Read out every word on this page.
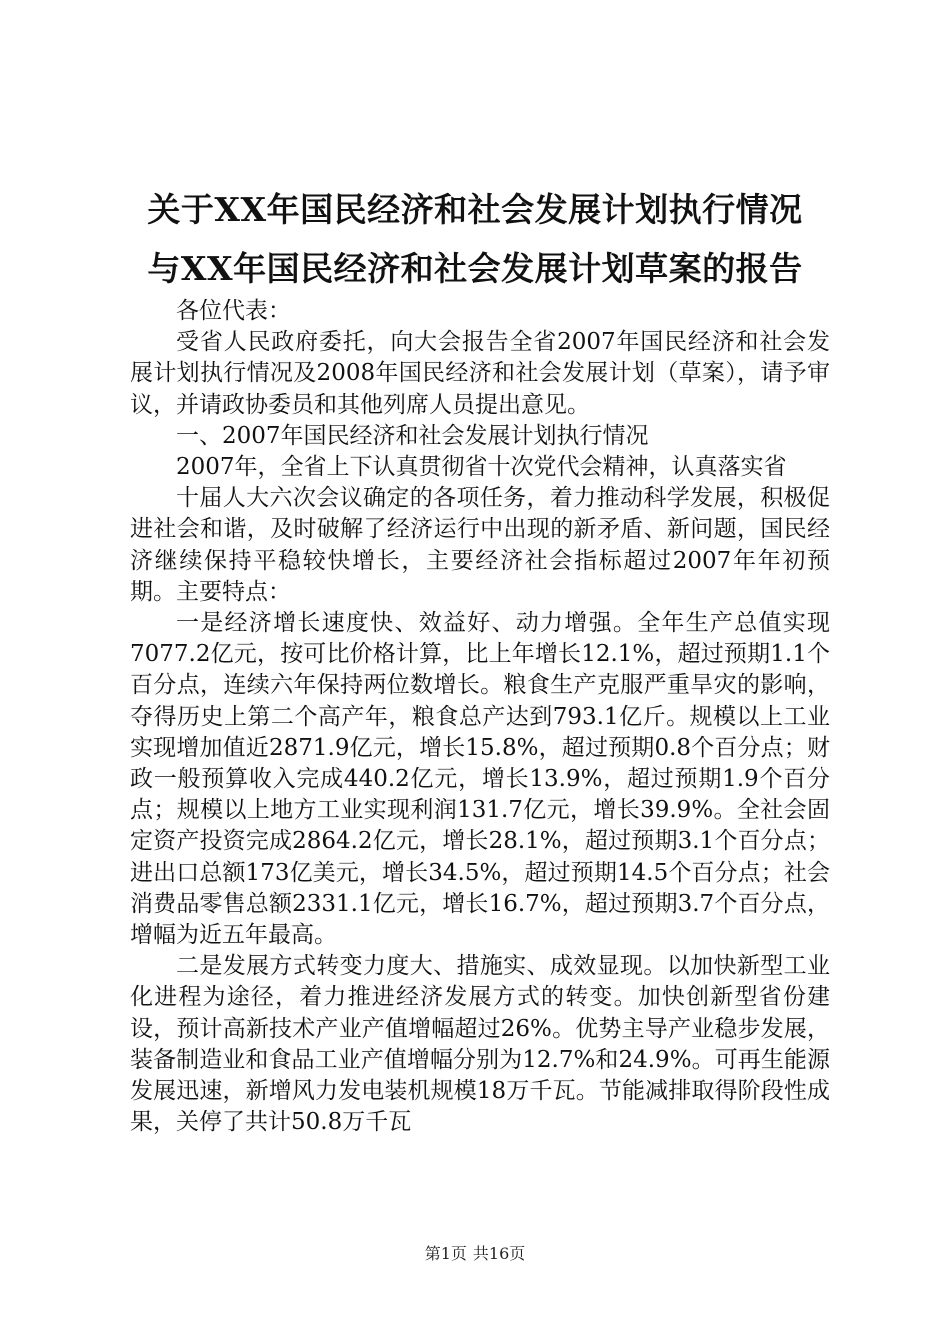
关于XX年国民经济和社会发展计划执行情况
与XX年国民经济和社会发展计划草案的报告

各位代表：

受省人民政府委托，向大会报告全省2007年国民经济和社会发展计划执行情况及2008年国民经济和社会发展计划（草案），请予审议，并请政协委员和其他列席人员提出意见。

一、2007年国民经济和社会发展计划执行情况

2007年，全省上下认真贯彻省十次党代会精神，认真落实省

十届人大六次会议确定的各项任务，着力推动科学发展，积极促进社会和谐，及时破解了经济运行中出现的新矛盾、新问题，国民经济继续保持平稳较快增长，主要经济社会指标超过2007年年初预期。主要特点：

一是经济增长速度快、效益好、动力增强。全年生产总值实现7077.2亿元，按可比价格计算，比上年增长12.1%，超过预期1.1个百分点，连续六年保持两位数增长。粮食生产克服严重旱灾的影响，夺得历史上第二个高产年，粮食总产达到793.1亿斤。规模以上工业实现增加值近2871.9亿元，增长15.8%，超过预期0.8个百分点；财政一般预算收入完成440.2亿元，增长13.9%，超过预期1.9个百分点；规模以上地方工业实现利润131.7亿元，增长39.9%。全社会固定资产投资完成2864.2亿元，增长28.1%，超过预期3.1个百分点；进出口总额173亿美元，增长34.5%，超过预期14.5个百分点；社会消费品零售总额2331.1亿元，增长16.7%，超过预期3.7个百分点，增幅为近五年最高。

二是发展方式转变力度大、措施实、成效显现。以加快新型工业化进程为途径，着力推进经济发展方式的转变。加快创新型省份建设，预计高新技术产业产值增幅超过26%。优势主导产业稳步发展，装备制造业和食品工业产值增幅分别为12.7%和24.9%。可再生能源发展迅速，新增风力发电装机规模18万千瓦。节能减排取得阶段性成果，关停了共计50.8万千瓦

第1页 共16页
